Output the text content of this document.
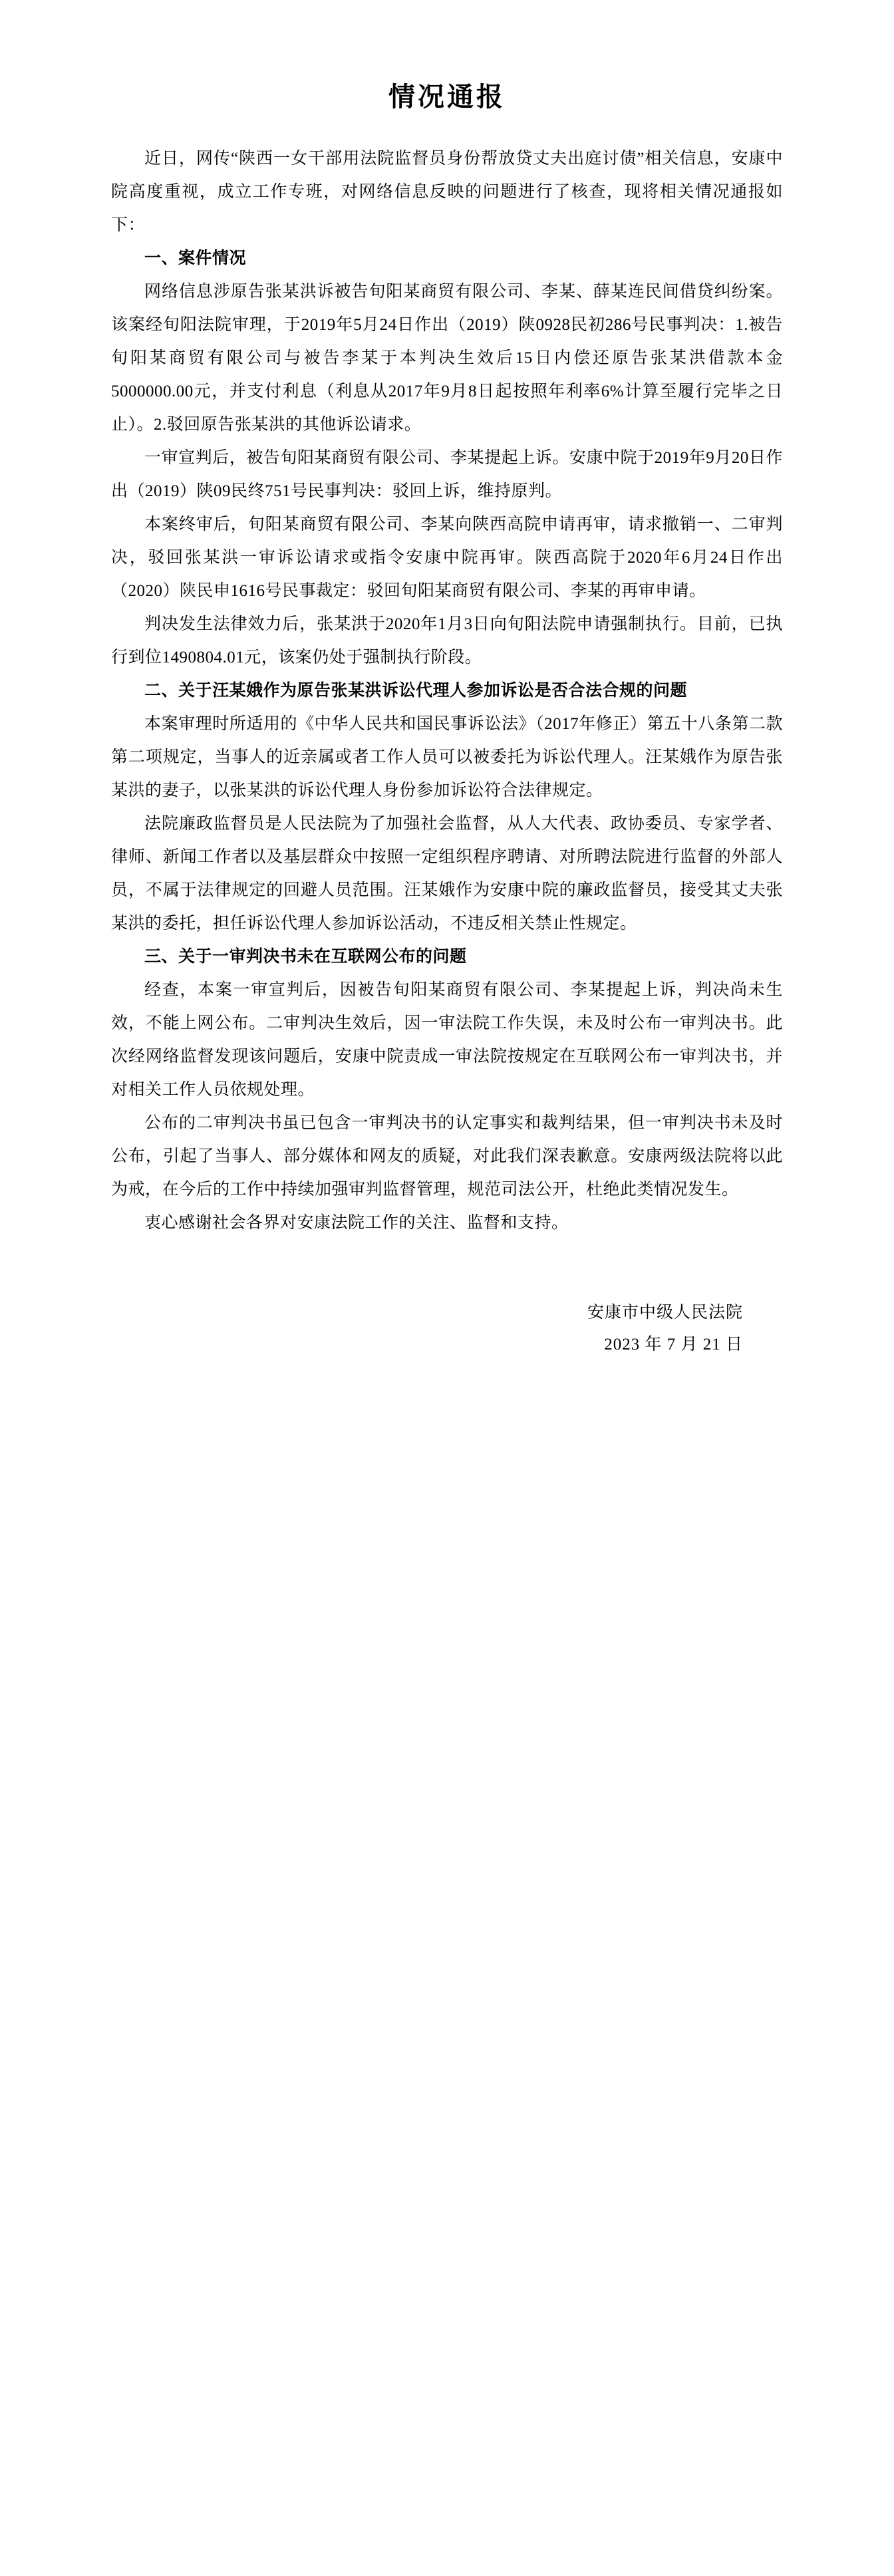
情况通报

近日，网传“陕西一女干部用法院监督员身份帮放贷丈夫出庭讨债”相关信息，安康中院高度重视，成立工作专班，对网络信息反映的问题进行了核查，现将相关情况通报如下：

一、案件情况

网络信息涉原告张某洪诉被告旬阳某商贸有限公司、李某、薛某连民间借贷纠纷案。该案经旬阳法院审理，于2019年5月24日作出（2019）陕0928民初286号民事判决：1.被告旬阳某商贸有限公司与被告李某于本判决生效后15日内偿还原告张某洪借款本金5000000.00元，并支付利息（利息从2017年9月8日起按照年利率6%计算至履行完毕之日止）。2.驳回原告张某洪的其他诉讼请求。

一审宣判后，被告旬阳某商贸有限公司、李某提起上诉。安康中院于2019年9月20日作出（2019）陕09民终751号民事判决：驳回上诉，维持原判。

本案终审后，旬阳某商贸有限公司、李某向陕西高院申请再审，请求撤销一、二审判决，驳回张某洪一审诉讼请求或指令安康中院再审。陕西高院于2020年6月24日作出（2020）陕民申1616号民事裁定：驳回旬阳某商贸有限公司、李某的再审申请。

判决发生法律效力后，张某洪于2020年1月3日向旬阳法院申请强制执行。目前，已执行到位1490804.01元，该案仍处于强制执行阶段。

二、关于汪某娥作为原告张某洪诉讼代理人参加诉讼是否合法合规的问题

本案审理时所适用的《中华人民共和国民事诉讼法》（2017年修正）第五十八条第二款第二项规定，当事人的近亲属或者工作人员可以被委托为诉讼代理人。汪某娥作为原告张某洪的妻子，以张某洪的诉讼代理人身份参加诉讼符合法律规定。

法院廉政监督员是人民法院为了加强社会监督，从人大代表、政协委员、专家学者、律师、新闻工作者以及基层群众中按照一定组织程序聘请、对所聘法院进行监督的外部人员，不属于法律规定的回避人员范围。汪某娥作为安康中院的廉政监督员，接受其丈夫张某洪的委托，担任诉讼代理人参加诉讼活动，不违反相关禁止性规定。

三、关于一审判决书未在互联网公布的问题

经查，本案一审宣判后，因被告旬阳某商贸有限公司、李某提起上诉，判决尚未生效，不能上网公布。二审判决生效后，因一审法院工作失误，未及时公布一审判决书。此次经网络监督发现该问题后，安康中院责成一审法院按规定在互联网公布一审判决书，并对相关工作人员依规处理。

公布的二审判决书虽已包含一审判决书的认定事实和裁判结果，但一审判决书未及时公布，引起了当事人、部分媒体和网友的质疑，对此我们深表歉意。安康两级法院将以此为戒，在今后的工作中持续加强审判监督管理，规范司法公开，杜绝此类情况发生。

衷心感谢社会各界对安康法院工作的关注、监督和支持。

安康市中级人民法院
2023 年 7 月 21 日
